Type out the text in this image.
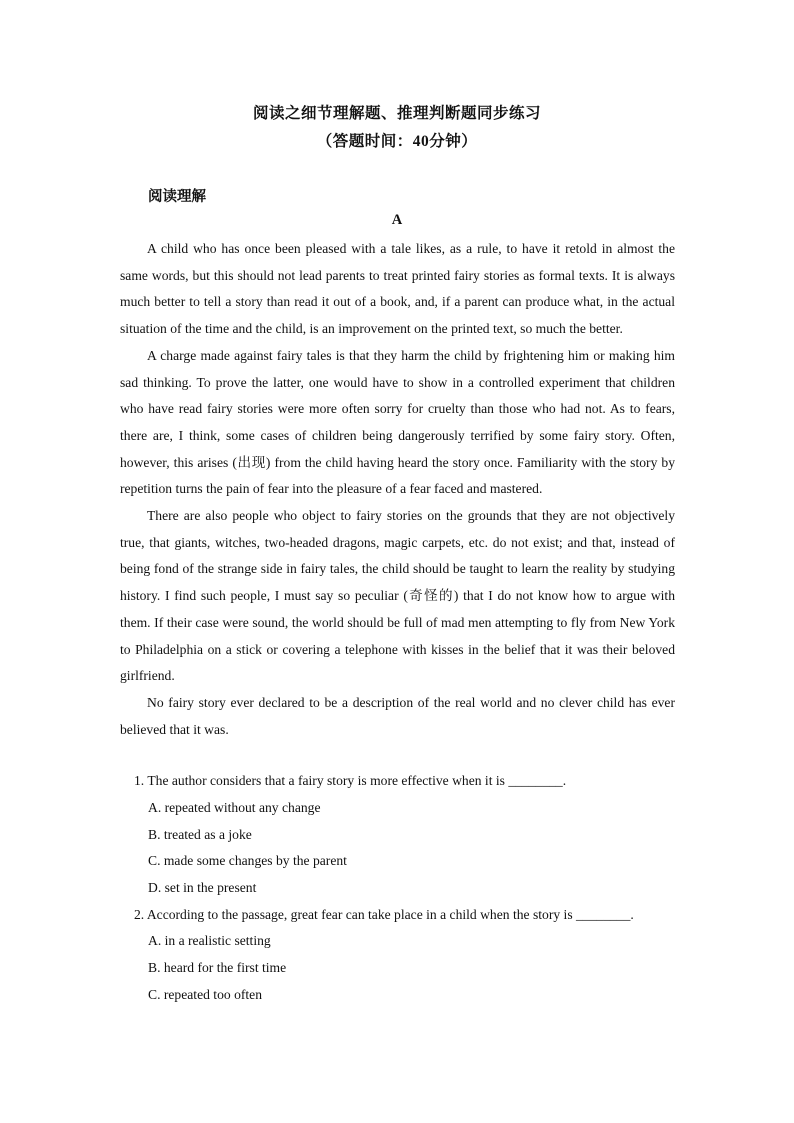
阅读之细节理解题、推理判断题同步练习
（答题时间：40分钟）
阅读理解
A

A child who has once been pleased with a tale likes, as a rule, to have it retold in almost the same words, but this should not lead parents to treat printed fairy stories as formal texts. It is always much better to tell a story than read it out of a book, and, if a parent can produce what, in the actual situation of the time and the child, is an improvement on the printed text, so much the better.

A charge made against fairy tales is that they harm the child by frightening him or making him sad thinking. To prove the latter, one would have to show in a controlled experiment that children who have read fairy stories were more often sorry for cruelty than those who had not. As to fears, there are, I think, some cases of children being dangerously terrified by some fairy story. Often, however, this arises (出现) from the child having heard the story once. Familiarity with the story by repetition turns the pain of fear into the pleasure of a fear faced and mastered.

There are also people who object to fairy stories on the grounds that they are not objectively true, that giants, witches, two-headed dragons, magic carpets, etc. do not exist; and that, instead of being fond of the strange side in fairy tales, the child should be taught to learn the reality by studying history. I find such people, I must say so peculiar (奇怪的) that I do not know how to argue with them. If their case were sound, the world should be full of mad men attempting to fly from New York to Philadelphia on a stick or covering a telephone with kisses in the belief that it was their beloved girlfriend.

No fairy story ever declared to be a description of the real world and no clever child has ever believed that it was.

1. The author considers that a fairy story is more effective when it is ________.
A. repeated without any change
B. treated as a joke
C. made some changes by the parent
D. set in the present
2. According to the passage, great fear can take place in a child when the story is ________.
A. in a realistic setting
B. heard for the first time
C. repeated too often
